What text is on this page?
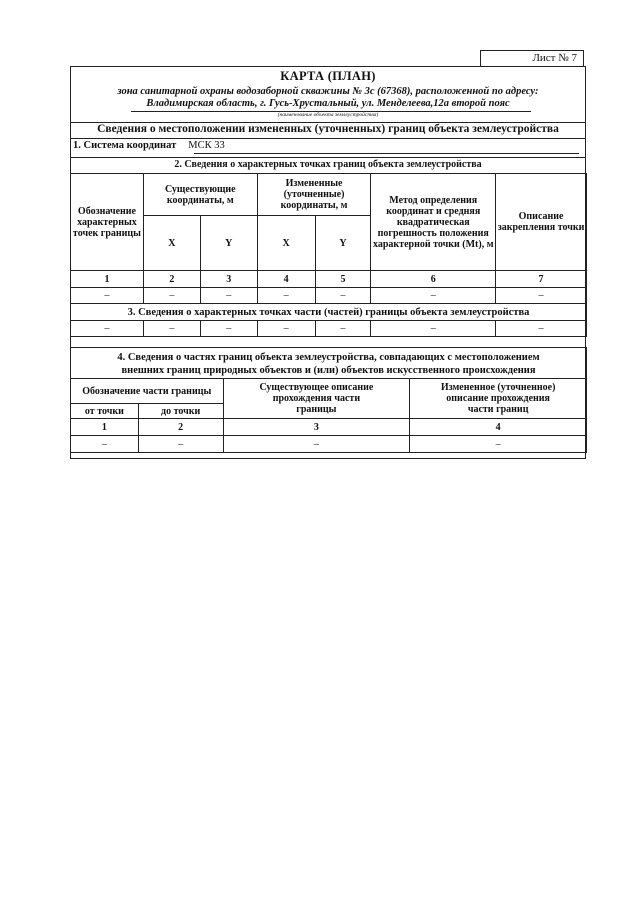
Лист № 7
КАРТА (ПЛАН)
зона санитарной охраны водозаборной скважины № 3с (67368), расположенной по адресу:
Владимирская область, г. Гусь-Хрустальный, ул. Менделеева,12а второй пояс
(наименование объекта землеустройства)
Сведения о местоположении измененных (уточненных) границ объекта землеустройства
1. Система координат МСК 33
2. Сведения о характерных точках границ объекта землеустройства
Обозначение характерных точек границы	Существующие координаты, м		Измененные (уточненные) координаты, м		Метод определения координат и средняя квадратическая погрешность положения характерной точки (Mt), м	Описание закрепления точки
	X	Y	X	Y		
1	2	3	4	5	6	7
–	–	–	–	–	–	–
3. Сведения о характерных точках части (частей) границы объекта землеустройства						
–	–	–	–	–	–	–
4. Сведения о частях границ объекта землеустройства, совпадающих с местоположением
внешних границ природных объектов и (или) объектов искусственного происхождения			
Обозначение части границы		Существующее описание прохождения части границы	Измененное (уточненное) описание прохождения части границ
от точки	до точки		
1	2	3	4
–	–	–	–
